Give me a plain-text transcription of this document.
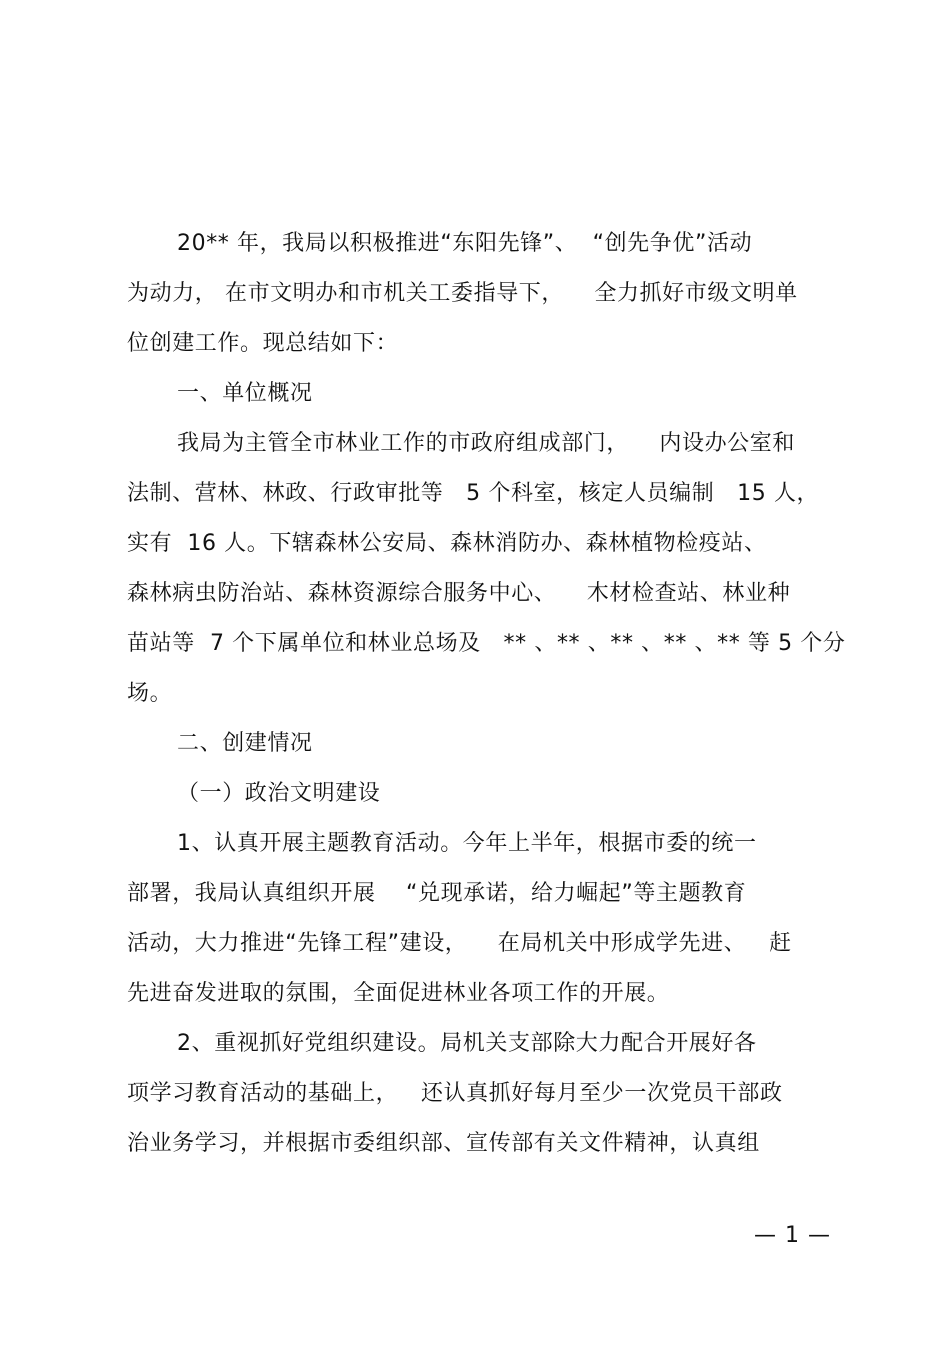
20** 年，我局以积极推进“东阳先锋”、  “创先争优”活动
为动力， 在市文明办和市机关工委指导下，    全力抓好市级文明单
位创建工作。现总结如下：
一、单位概况
我局为主管全市林业工作的市政府组成部门，    内设办公室和
法制、营林、林政、行政审批等   5 个科室，核定人员编制   15 人，
实有  16 人。下辖森林公安局、森林消防办、森林植物检疫站、
森林病虫防治站、森林资源综合服务中心、    木材检查站、林业种
苗站等  7 个下属单位和林业总场及   ** 、** 、** 、** 、** 等 5 个分
场。
二、创建情况
（一）政治文明建设
1、认真开展主题教育活动。今年上半年，根据市委的统一
部署，我局认真组织开展    “兑现承诺，给力崛起”等主题教育
活动，大力推进“先锋工程”建设，    在局机关中形成学先进、   赶
先进奋发进取的氛围，全面促进林业各项工作的开展。
2、重视抓好党组织建设。局机关支部除大力配合开展好各
项学习教育活动的基础上，   还认真抓好每月至少一次党员干部政
治业务学习，并根据市委组织部、宣传部有关文件精神，认真组
— 1 —
